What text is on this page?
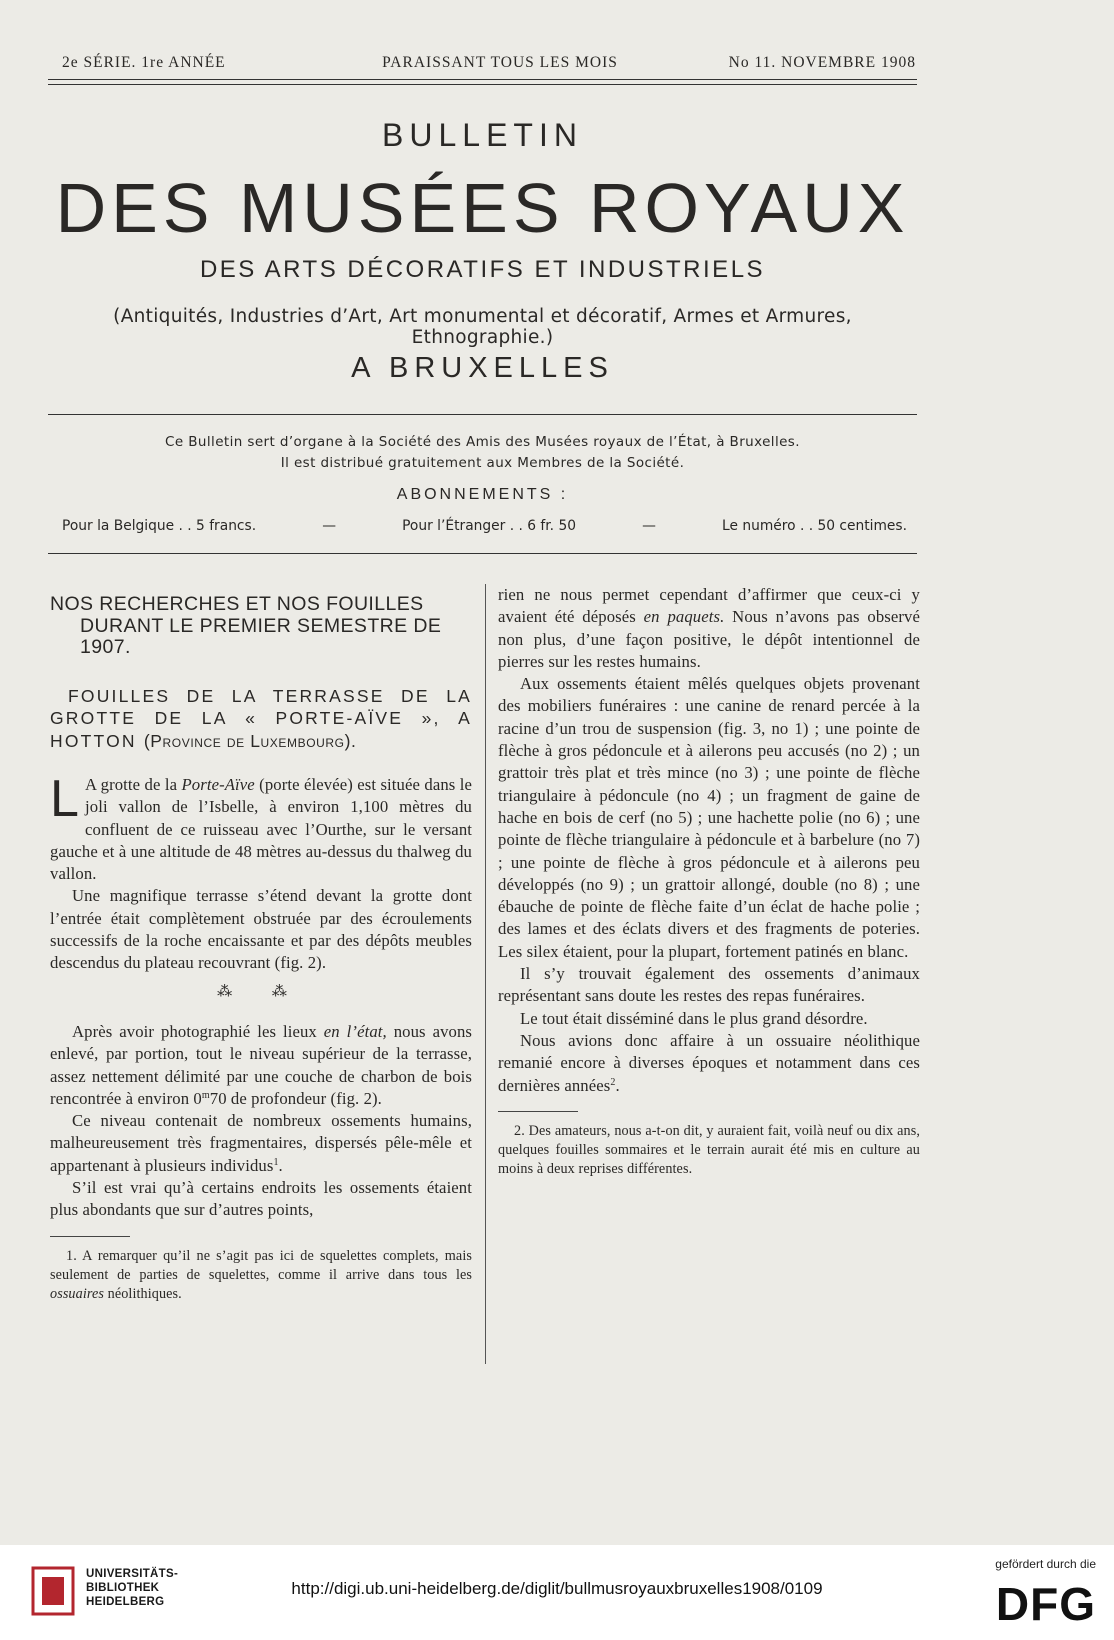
2e SÉRIE. 1re ANNÉE	PARAISSANT TOUS LES MOIS	No 11. NOVEMBRE 1908
BULLETIN
DES MUSÉES ROYAUX
DES ARTS DÉCORATIFS ET INDUSTRIELS
(Antiquités, Industries d’Art, Art monumental et décoratif, Armes et Armures, Ethnographie.)
A BRUXELLES
Ce Bulletin sert d’organe à la Société des Amis des Musées royaux de l’État, à Bruxelles.
Il est distribué gratuitement aux Membres de la Société.
ABONNEMENTS :
Pour la Belgique . . 5 francs.	—	Pour l’Étranger . . 6 fr. 50	—	Le numéro . . 50 centimes.
NOS RECHERCHES ET NOS FOUILLES DURANT LE PREMIER SEMESTRE DE 1907.
FOUILLES DE LA TERRASSE DE LA GROTTE DE LA « PORTE-AÏVE », A HOTTON (Province de Luxembourg).

L A grotte de la Porte-Aïve (porte élevée) est située dans le joli vallon de l’Isbelle, à environ 1,100 mètres du confluent de ce ruisseau avec l’Ourthe, sur le versant gauche et à une altitude de 48 mètres au-dessus du thalweg du vallon.

Une magnifique terrasse s’étend devant la grotte dont l’entrée était complètement obstruée par des écroulements successifs de la roche encaissante et par des dépôts meubles descendus du plateau recouvrant (fig. 2).

⁂ ⁂

Après avoir photographié les lieux en l’état, nous avons enlevé, par portion, tout le niveau supérieur de la terrasse, assez nettement délimité par une couche de charbon de bois rencontrée à environ 0$^m$70 de profondeur (fig. 2).

Ce niveau contenait de nombreux ossements humains, malheureusement très fragmentaires, dispersés pêle-mêle et appartenant à plusieurs individus$^1$.

S’il est vrai qu’à certains endroits les ossements étaient plus abondants que sur d’autres points,

1. A remarquer qu’il ne s’agit pas ici de squelettes complets, mais seulement de parties de squelettes, comme il arrive dans tous les ossuaires néolithiques.

rien ne nous permet cependant d’affirmer que ceux-ci y avaient été déposés en paquets. Nous n’avons pas observé non plus, d’une façon positive, le dépôt intentionnel de pierres sur les restes humains.

Aux ossements étaient mêlés quelques objets provenant des mobiliers funéraires : une canine de renard percée à la racine d’un trou de suspension (fig. 3, no 1) ; une pointe de flèche à gros pédoncule et à ailerons peu accusés (no 2) ; un grattoir très plat et très mince (no 3) ; une pointe de flèche triangulaire à pédoncule (no 4) ; un fragment de gaine de hache en bois de cerf (no 5) ; une hachette polie (no 6) ; une pointe de flèche triangulaire à pédoncule et à barbelure (no 7) ; une pointe de flèche à gros pédoncule et à ailerons peu développés (no 9) ; un grattoir allongé, double (no 8) ; une ébauche de pointe de flèche faite d’un éclat de hache polie ; des lames et des éclats divers et des fragments de poteries. Les silex étaient, pour la plupart, fortement patinés en blanc.

Il s’y trouvait également des ossements d’animaux représentant sans doute les restes des repas funéraires.

Le tout était disséminé dans le plus grand désordre.

Nous avions donc affaire à un ossuaire néolithique remanié encore à diverses époques et notamment dans ces dernières années$^2$.

2. Des amateurs, nous a-t-on dit, y auraient fait, voilà neuf ou dix ans, quelques fouilles sommaires et le terrain aurait été mis en culture au moins à deux reprises différentes.

UNIVERSITÄTS-
BIBLIOTHEK
HEIDELBERG
http://digi.ub.uni-heidelberg.de/diglit/bullmusroyauxbruxelles1908/0109
gefördert durch die
DFG
